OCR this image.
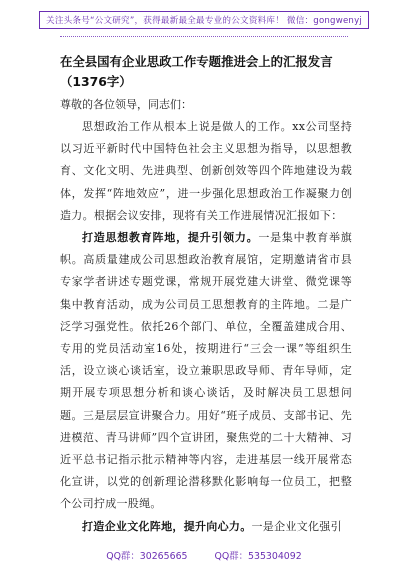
关注头条号“公文研究”，获得最新最全最专业的公文资料库！ 微信：gongwenyj

在全县国有企业思政工作专题推进会上的汇报发言（1376字）

尊敬的各位领导，同志们：

思想政治工作从根本上说是做人的工作。xx公司坚持以习近平新时代中国特色社会主义思想为指导，以思想教育、文化文明、先进典型、创新创效等四个阵地建设为载体，发挥“阵地效应”，进一步强化思想政治工作凝聚力创造力。根据会议安排，现将有关工作进展情况汇报如下：

打造思想教育阵地，提升引领力。一是集中教育举旗帜。高质量建成公司思想政治教育展馆，定期邀请省市县专家学者讲述专题党课，常规开展党建大讲堂、微党课等集中教育活动，成为公司员工思想教育的主阵地。二是广泛学习强党性。依托26个部门、单位，全覆盖建成合用、专用的党员活动室16处，按期进行“三会一课”等组织生活，设立谈心谈话室，设立兼职思政导师、青年导师，定期开展专项思想分析和谈心谈话，及时解决员工思想问题。三是层层宣讲聚合力。用好“班子成员、支部书记、先进模范、青马讲师”四个宣讲团，聚焦党的二十大精神、习近平总书记指示批示精神等内容，走进基层一线开展常态化宣讲，以党的创新理论潜移默化影响每一位员工，把整个公司拧成一股绳。

打造企业文化阵地，提升向心力。一是企业文化强引

QQ群：30265665	QQ群：535304092
